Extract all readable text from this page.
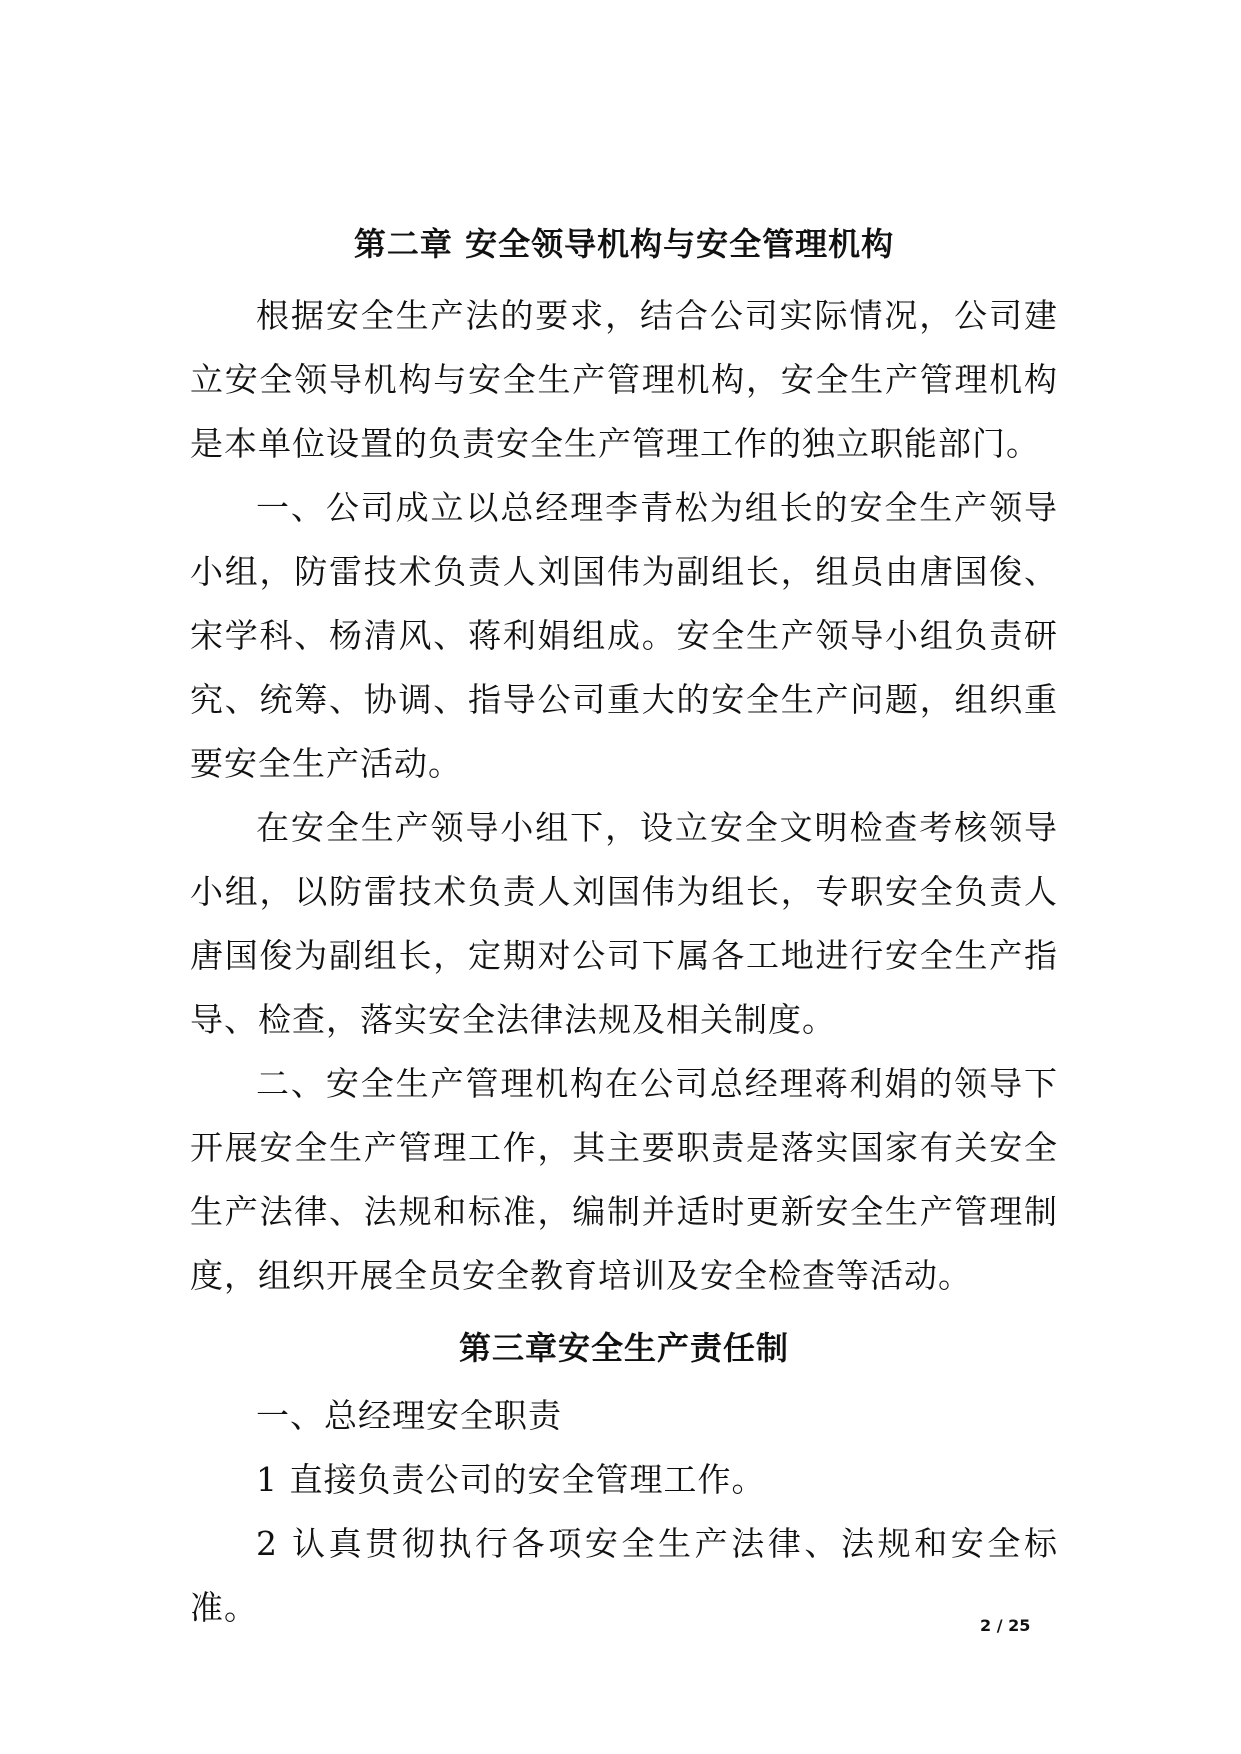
第二章 安全领导机构与安全管理机构

根据安全生产法的要求，结合公司实际情况，公司建立安全领导机构与安全生产管理机构，安全生产管理机构是本单位设置的负责安全生产管理工作的独立职能部门。

一、公司成立以总经理李青松为组长的安全生产领导小组，防雷技术负责人刘国伟为副组长，组员由唐国俊、宋学科、杨清风、蒋利娟组成。安全生产领导小组负责研究、统筹、协调、指导公司重大的安全生产问题，组织重要安全生产活动。

在安全生产领导小组下，设立安全文明检查考核领导小组，以防雷技术负责人刘国伟为组长，专职安全负责人唐国俊为副组长，定期对公司下属各工地进行安全生产指导、检查，落实安全法律法规及相关制度。

二、安全生产管理机构在公司总经理蒋利娟的领导下开展安全生产管理工作，其主要职责是落实国家有关安全生产法律、法规和标准，编制并适时更新安全生产管理制度，组织开展全员安全教育培训及安全检查等活动。

第三章安全生产责任制

一、总经理安全职责

1 直接负责公司的安全管理工作。

2 认真贯彻执行各项安全生产法律、法规和安全标准。	2 / 25
